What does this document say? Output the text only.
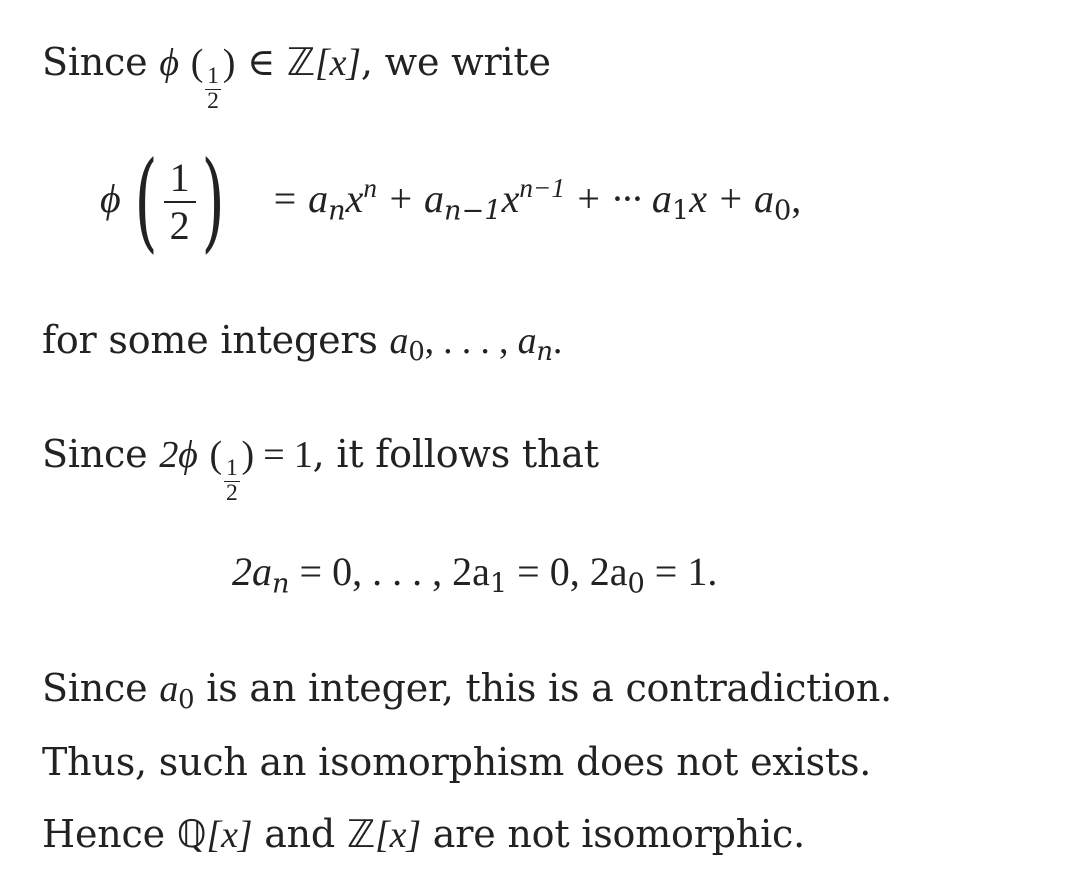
Since ϕ (
$\frac{1}{2}$
) ∈ ℤ[x], we write
ϕ ( $\frac{1}{2}$ ) = $anx^n + an-1x^{n-1}$ + ··· $a_1x + a_0$,
for some integers $a_0$, . . . , an.
Since 2ϕ (
$\frac{1}{2}$
) = 1, it follows that
2an = 0, . . . , $2a_1 = 0$, $2a_0 = 1$.
Since $a_0$ is an integer, this is a contradiction.
Thus, such an isomorphism does not exists.
Hence ℚ[x] and ℤ[x] are not isomorphic.
